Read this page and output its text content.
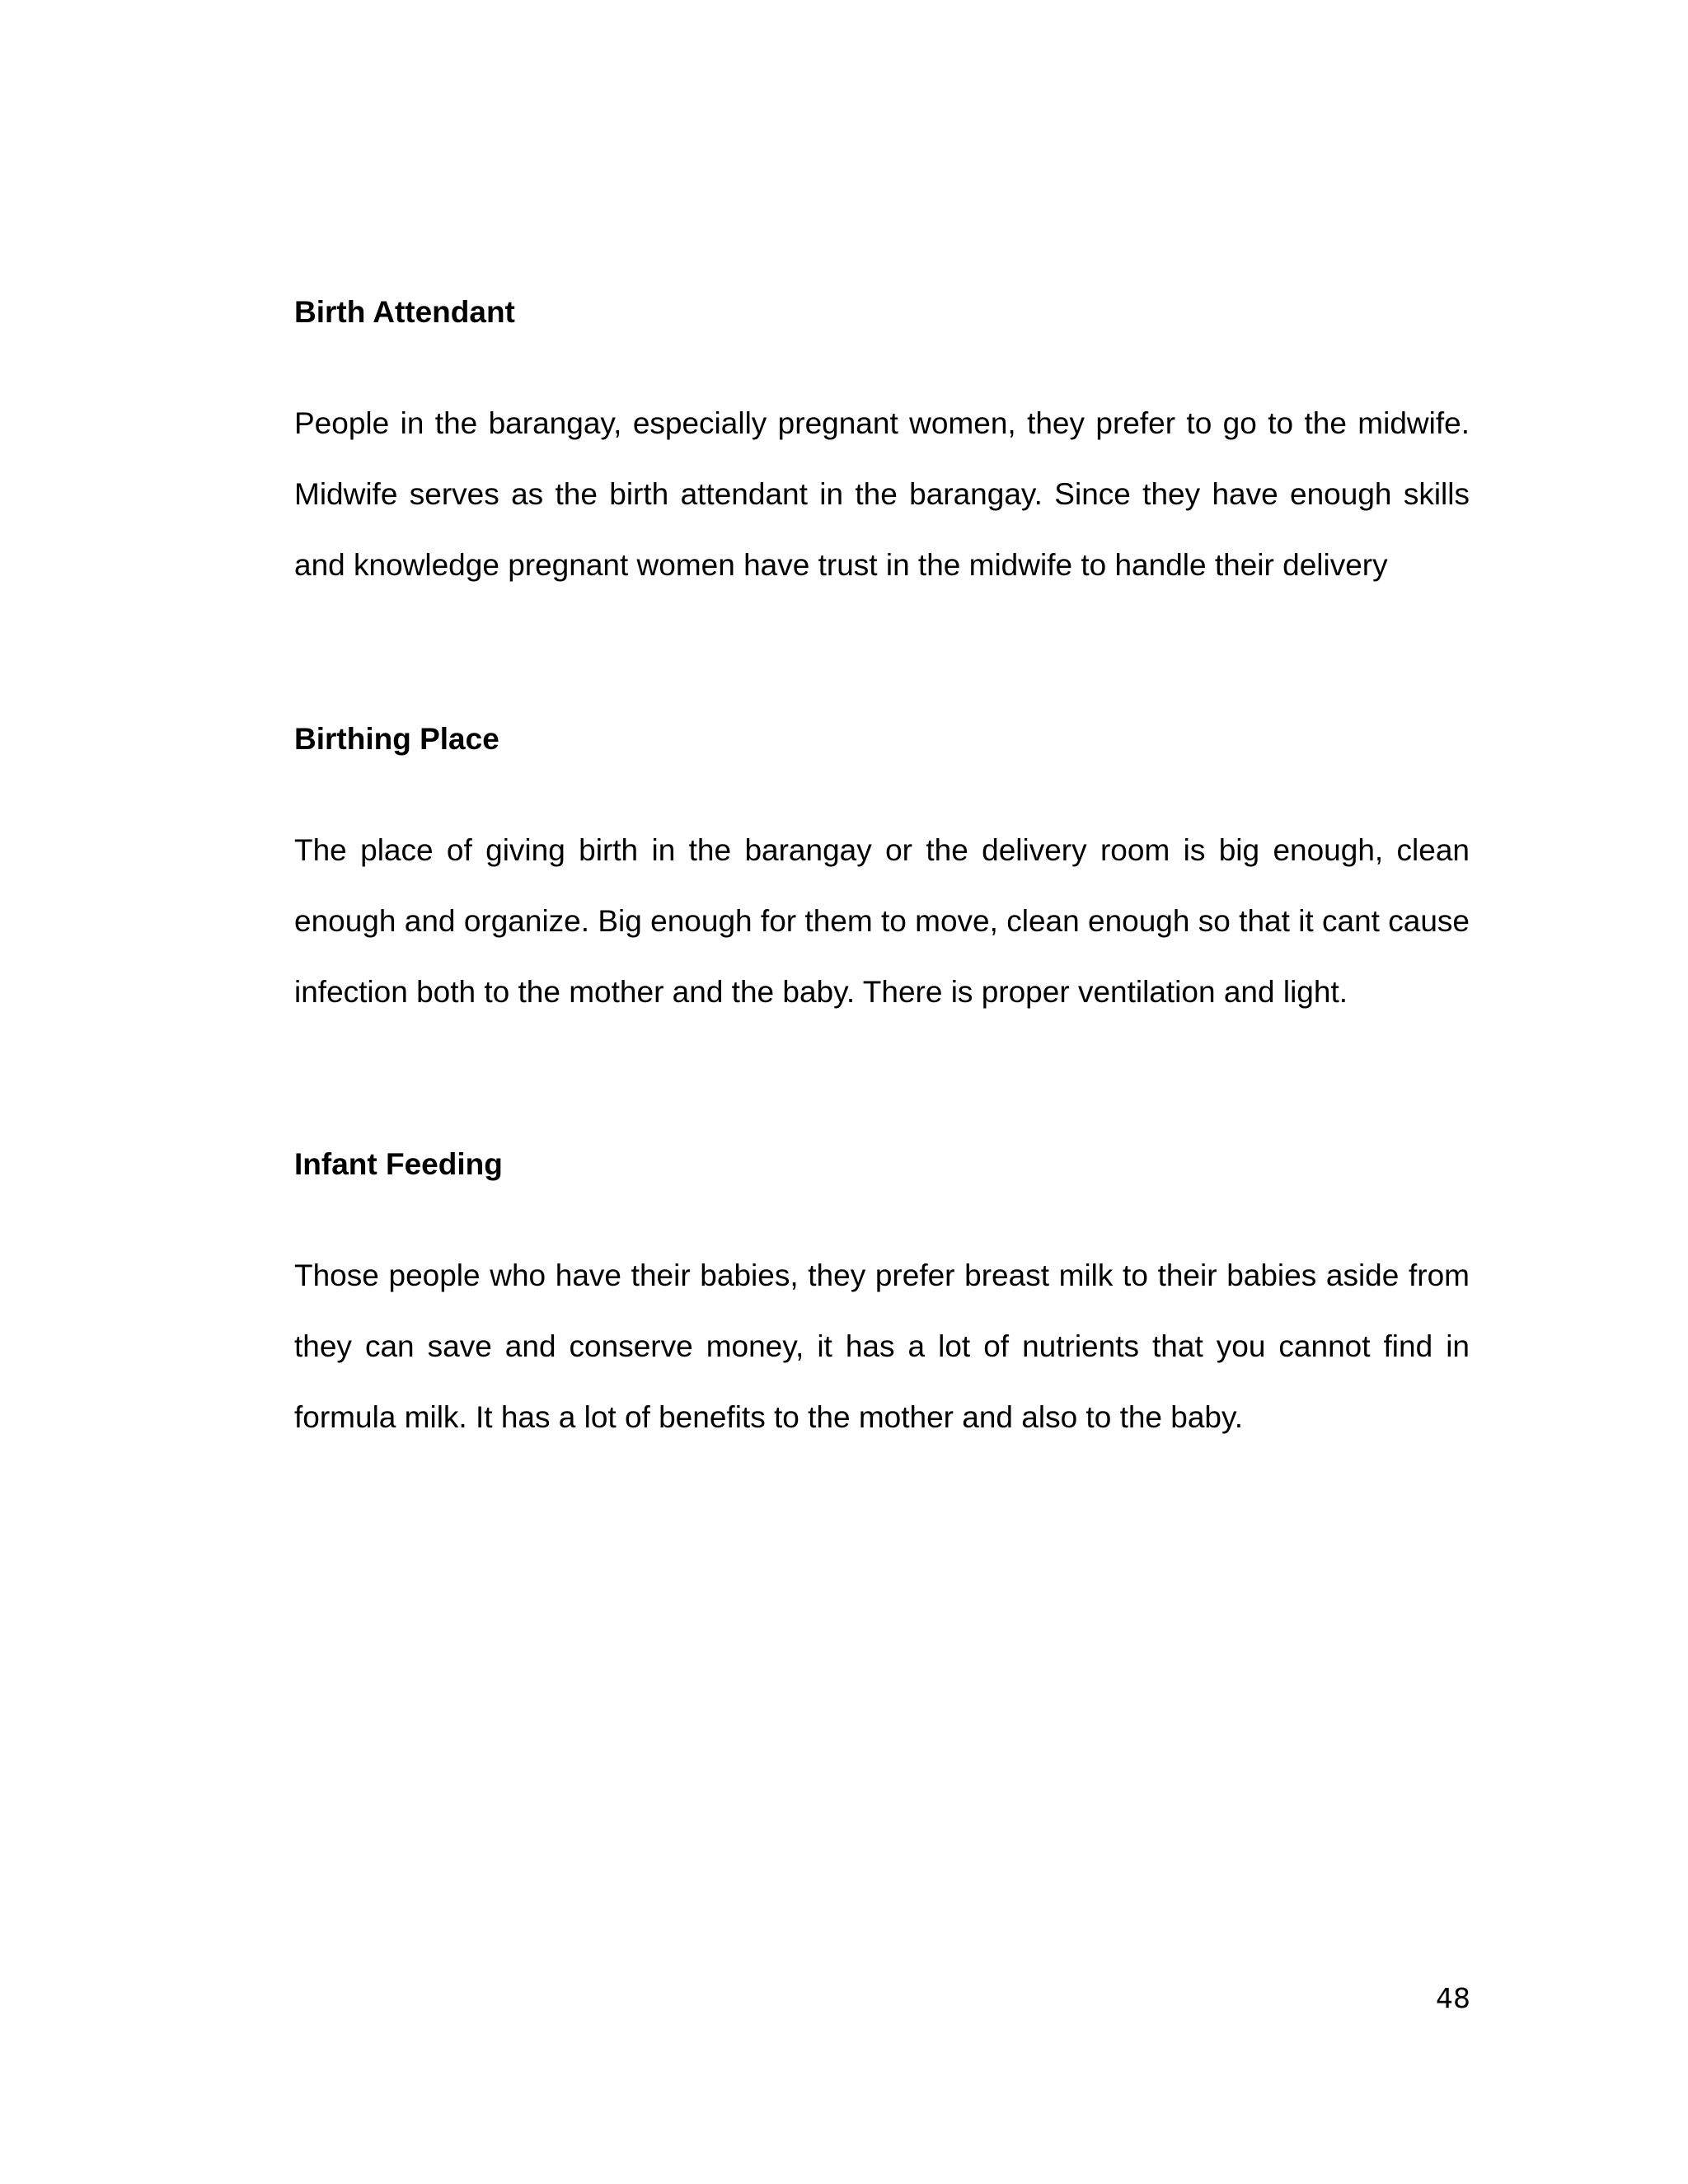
Birth Attendant

People in the barangay, especially pregnant women, they prefer to go to the midwife. Midwife serves as the birth attendant in the barangay. Since they have enough skills and knowledge pregnant women have trust in the midwife to handle their delivery

Birthing Place

The place of giving birth in the barangay or the delivery room is big enough, clean enough and organize. Big enough for them to move, clean enough so that it cant cause infection both to the mother and the baby. There is proper ventilation and light.

Infant Feeding

Those people who have their babies, they prefer breast milk to their babies aside from they can save and conserve money, it has a lot of nutrients that you cannot find in formula milk. It has a lot of benefits to the mother and also to the baby.

48
